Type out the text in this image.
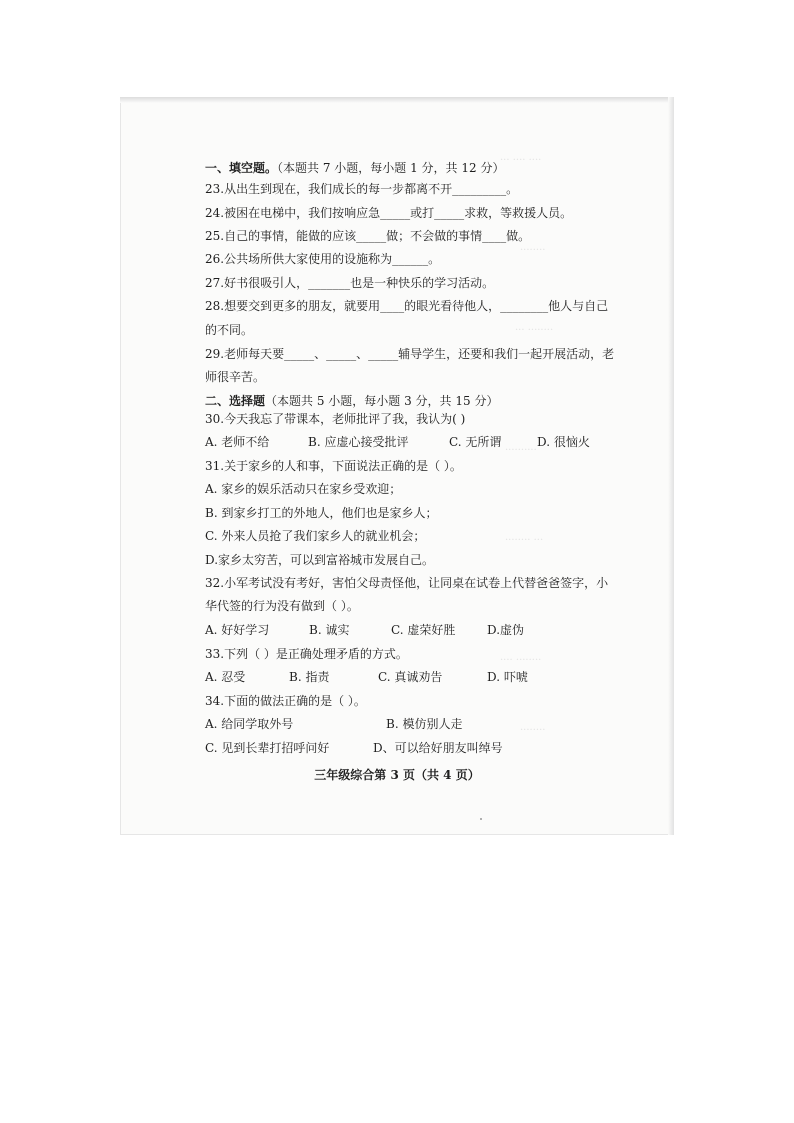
··· ···· ····
········
··· ········
··········
········ ···
···· ········
········
一、填空题。（本题共 7 小题，每小题 1 分，共 12 分）
23.从出生到现在，我们成长的每一步都离不开_________。
24.被困在电梯中，我们按响应急_____或打_____求救，等救援人员。
25.自己的事情，能做的应该_____做；不会做的事情____做。
26.公共场所供大家使用的设施称为______。
27.好书很吸引人，_______也是一种快乐的学习活动。
28.想要交到更多的朋友，就要用____的眼光看待他人，________他人与自己
的不同。
29.老师每天要_____、_____、_____辅导学生，还要和我们一起开展活动，老
师很辛苦。
二、选择题（本题共 5 小题，每小题 3 分，共 15 分）
30.今天我忘了带课本，老师批评了我，我认为( )
A. 老师不给	B. 应虚心接受批评	C. 无所谓	D. 很恼火
31.关于家乡的人和事，下面说法正确的是（ ）。
A. 家乡的娱乐活动只在家乡受欢迎；
B. 到家乡打工的外地人，他们也是家乡人；
C. 外来人员抢了我们家乡人的就业机会；
D.家乡太穷苦，可以到富裕城市发展自己。
32.小军考试没有考好，害怕父母责怪他，让同桌在试卷上代替爸爸签字，小
华代签的行为没有做到（ ）。
A. 好好学习	B. 诚实	C. 虚荣好胜	D.虚伪
33.下列（ ）是正确处理矛盾的方式。
A. 忍受	B. 指责	C. 真诚劝告	D. 吓唬
34.下面的做法正确的是（ ）。
A. 给同学取外号	B. 模仿别人走
C. 见到长辈打招呼问好	D、可以给好朋友叫绰号
三年级综合第 3 页（共 4 页）
